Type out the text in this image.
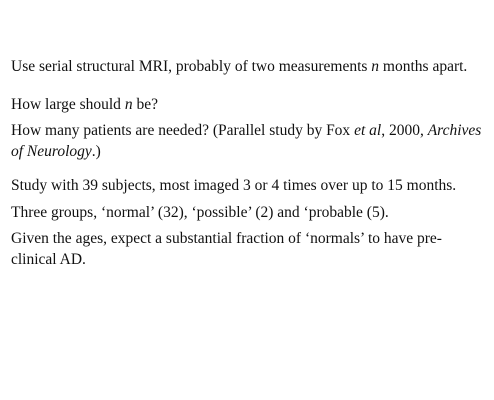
Use serial structural MRI, probably of two measurements n months apart.

How large should n be?

How many patients are needed? (Parallel study by Fox et al, 2000, Archives of Neurology.)

Study with 39 subjects, most imaged 3 or 4 times over up to 15 months.

Three groups, ‘normal’ (32), ‘possible’ (2) and ‘probable (5).

Given the ages, expect a substantial fraction of ‘normals’ to have pre-clinical AD.
